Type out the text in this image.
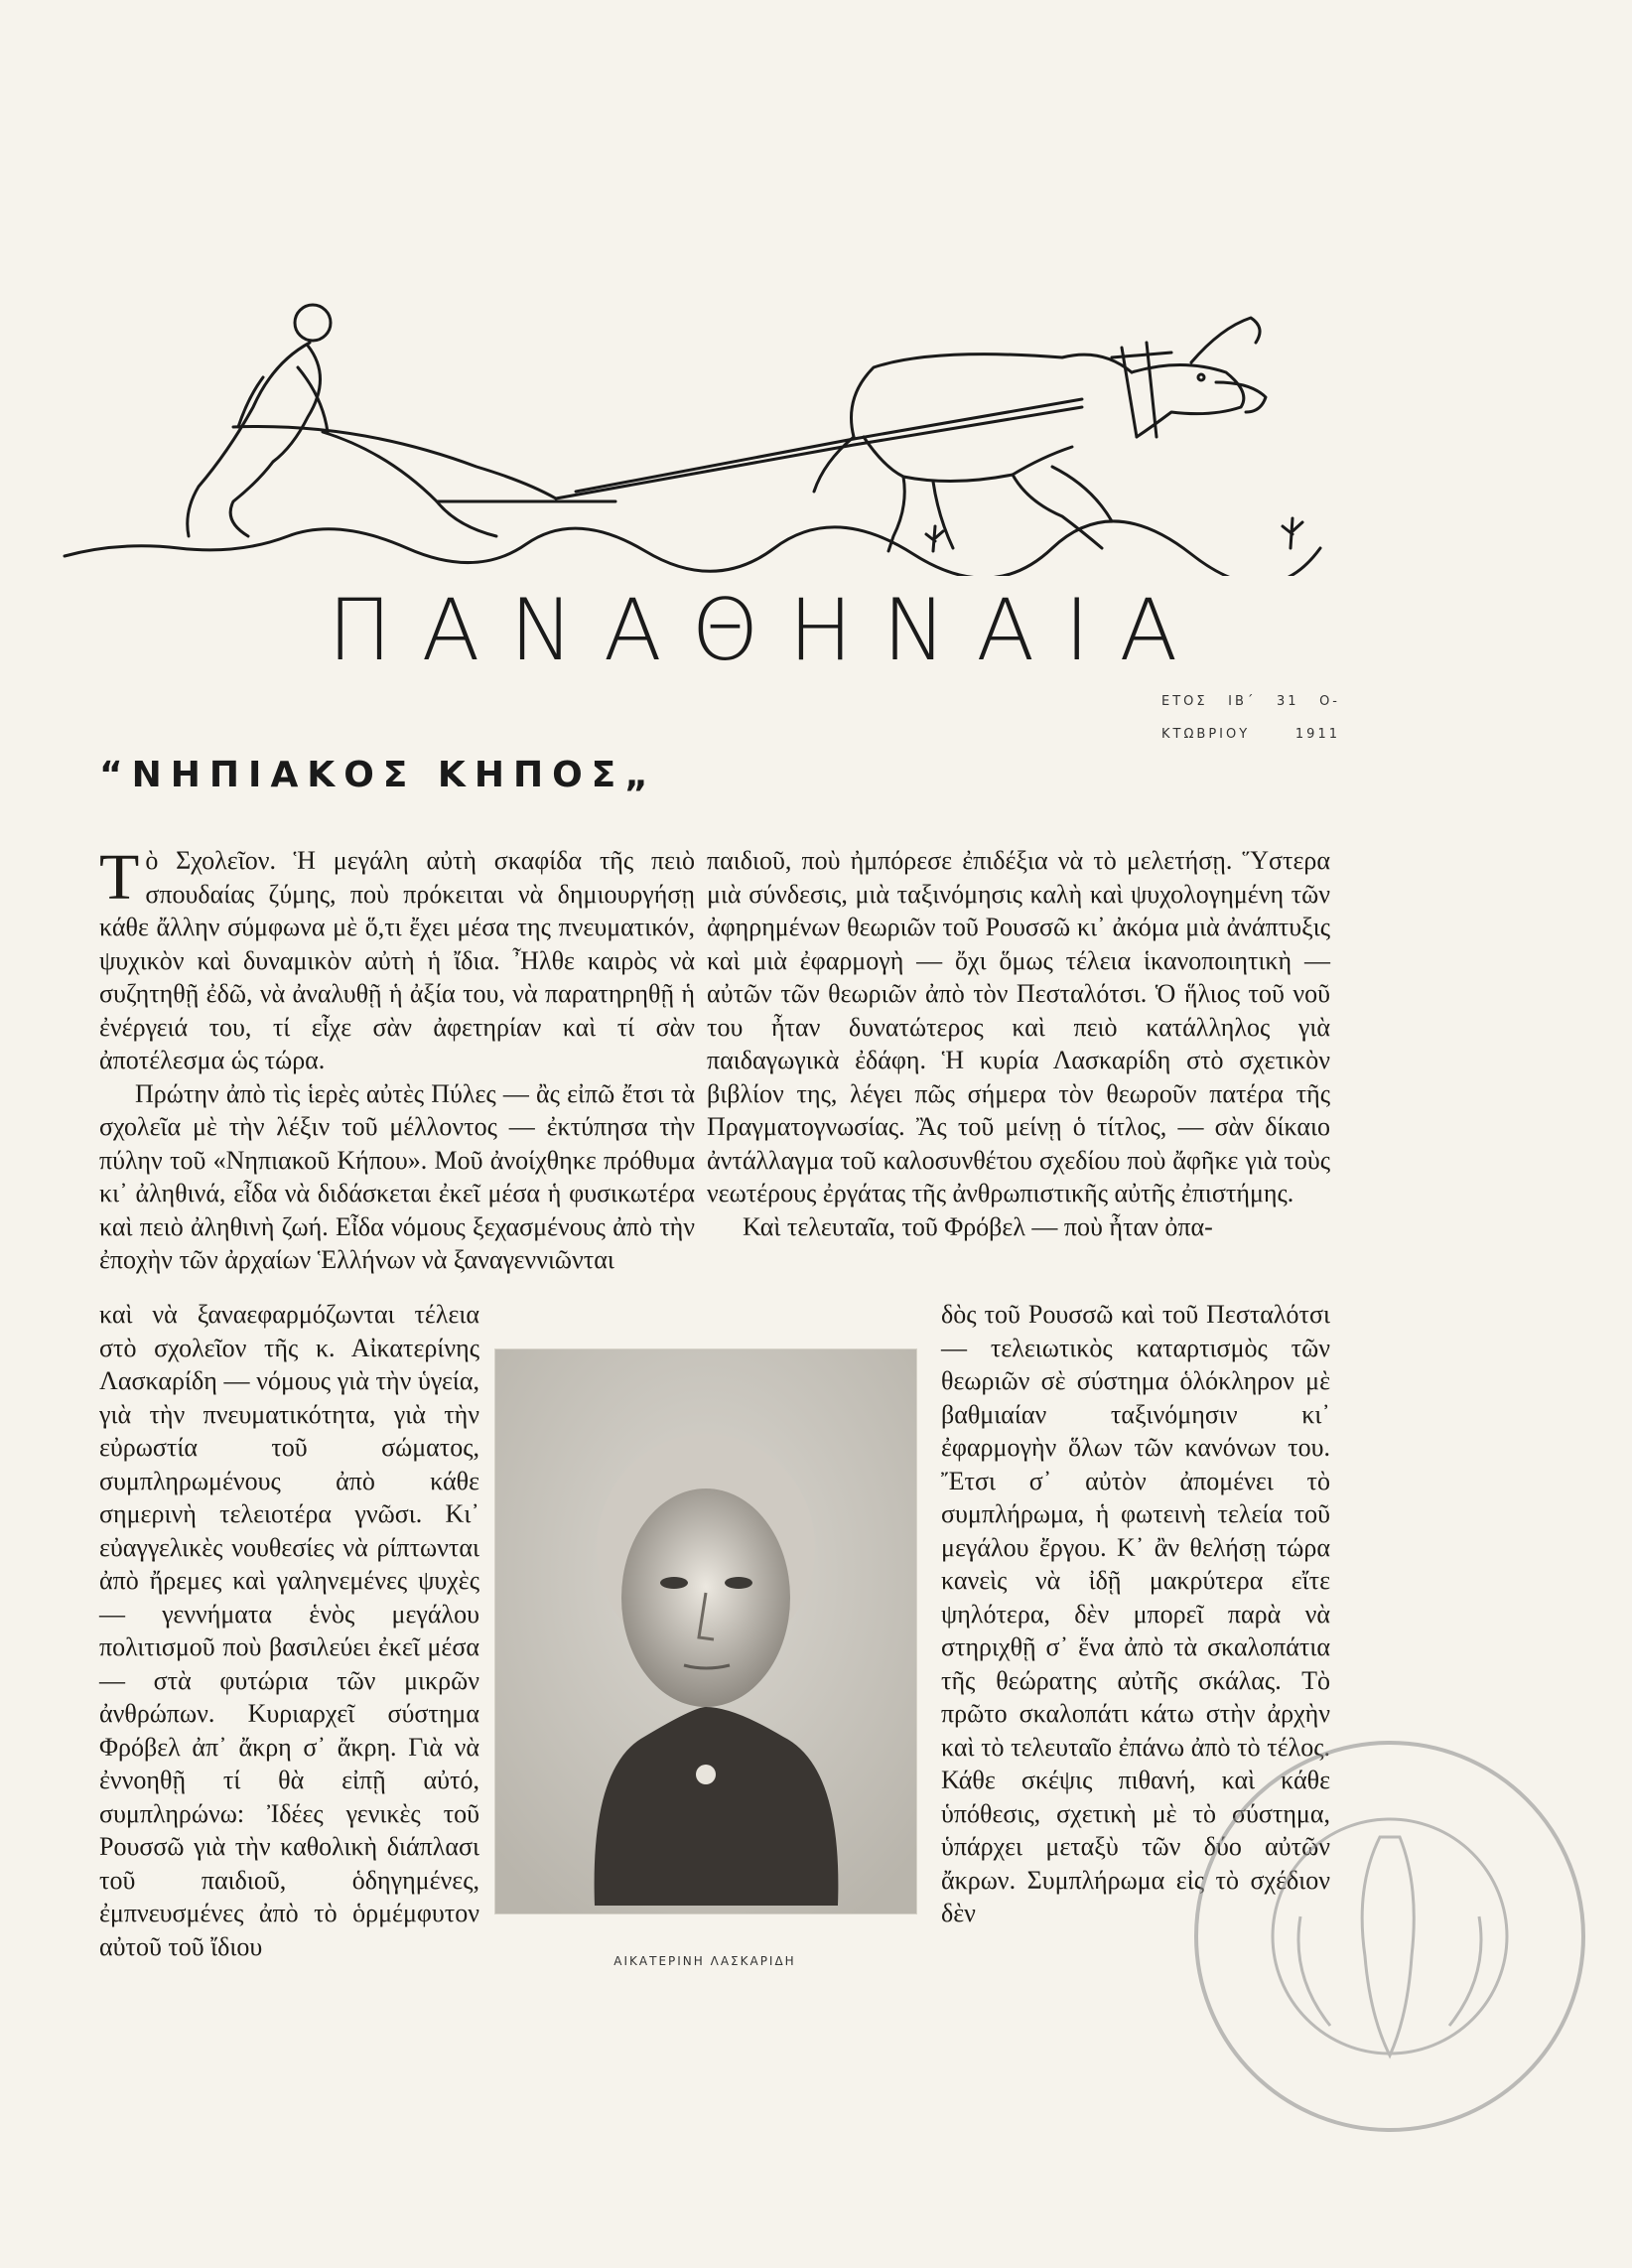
ΠΑΝΑΘΗΝΑΙΑ
ΕΤΟΣ ΙΒ΄ 31 Ο-
ΚΤΩΒΡΙΟΥ 1911
“ΝΗΠΙΑΚΟΣ ΚΗΠΟΣ„

Τὸ Σχολεῖον. Ἡ μεγάλη αὐτὴ σκαφίδα τῆς πειὸ σπουδαίας ζύμης, ποὺ πρόκειται νὰ δημιουργήσῃ κάθε ἄλλην σύμφωνα μὲ ὅ,τι ἔχει μέσα της πνευματικόν, ψυχικὸν καὶ δυναμικὸν αὐτὴ ἡ ἴδια. Ἦλθε καιρὸς νὰ συζητηθῇ ἐδῶ, νὰ ἀναλυθῇ ἡ ἀξία του, νὰ παρατηρηθῇ ἡ ἐνέργειά του, τί εἶχε σὰν ἀφετηρίαν καὶ τί σὰν ἀποτέλεσμα ὡς τώρα.

Πρώτην ἀπὸ τὶς ἱερὲς αὐτὲς Πύλες — ἂς εἰπῶ ἔτσι τὰ σχολεῖα μὲ τὴν λέξιν τοῦ μέλλοντος — ἐκτύπησα τὴν πύλην τοῦ «Νηπιακοῦ Κήπου». Μοῦ ἀνοίχθηκε πρόθυμα κι᾽ ἀληθινά, εἶδα νὰ διδάσκεται ἐκεῖ μέσα ἡ φυσικωτέρα καὶ πειὸ ἀληθινὴ ζωή. Εἶδα νόμους ξεχασμένους ἀπὸ τὴν ἐποχὴν τῶν ἀρχαίων Ἑλλήνων νὰ ξαναγεννιῶνται

καὶ νὰ ξαναεφαρμόζωνται τέλεια στὸ σχολεῖον τῆς κ. Αἰκατερίνης Λασκαρίδη — νόμους γιὰ τὴν ὑγεία, γιὰ τὴν πνευματικότητα, γιὰ τὴν εὐρωστία τοῦ σώματος, συμπληρωμένους ἀπὸ κάθε σημερινὴ τελειοτέρα γνῶσι. Κι᾽ εὐαγγελικὲς νουθεσίες νὰ ρίπτωνται ἀπὸ ἤρεμες καὶ γαληνεμένες ψυχὲς — γεννήματα ἑνὸς μεγάλου πολιτισμοῦ ποὺ βασιλεύει ἐκεῖ μέσα — στὰ φυτώρια τῶν μικρῶν ἀνθρώπων. Κυριαρχεῖ σύστημα Φρόβελ ἀπ᾽ ἄκρη σ᾽ ἄκρη. Γιὰ νὰ ἐννοηθῇ τί θὰ εἰπῇ αὐτό, συμπληρώνω: Ἰδέες γενικὲς τοῦ Ρουσσῶ γιὰ τὴν καθολικὴ διάπλασι τοῦ παιδιοῦ, ὁδηγημένες, ἐμπνευσμένες ἀπὸ τὸ ὁρμέμφυτον αὐτοῦ τοῦ ἴδιου

παιδιοῦ, ποὺ ἠμπόρεσε ἐπιδέξια νὰ τὸ μελετήσῃ. Ὕστερα μιὰ σύνδεσις, μιὰ ταξινόμησις καλὴ καὶ ψυχολογημένη τῶν ἀφηρημένων θεωριῶν τοῦ Ρουσσῶ κι᾽ ἀκόμα μιὰ ἀνάπτυξις καὶ μιὰ ἐφαρμογὴ — ὄχι ὅμως τέλεια ἱκανοποιητικὴ — αὐτῶν τῶν θεωριῶν ἀπὸ τὸν Πεσταλότσι. Ὁ ἥλιος τοῦ νοῦ του ἦταν δυνατώτερος καὶ πειὸ κατάλληλος γιὰ παιδαγωγικὰ ἐδάφη. Ἡ κυρία Λασκαρίδη στὸ σχετικὸν βιβλίον της, λέγει πῶς σήμερα τὸν θεωροῦν πατέρα τῆς Πραγματογνωσίας. Ἂς τοῦ μείνῃ ὁ τίτλος, — σὰν δίκαιο ἀντάλλαγμα τοῦ καλοσυνθέτου σχεδίου ποὺ ἄφῆκε γιὰ τοὺς νεωτέρους ἐργάτας τῆς ἀνθρωπιστικῆς αὐτῆς ἐπιστήμης.

Καὶ τελευταῖα, τοῦ Φρόβελ — ποὺ ἦταν ὀπα-

δὸς τοῦ Ρουσσῶ καὶ τοῦ Πεσταλότσι — τελειωτικὸς καταρτισμὸς τῶν θεωριῶν σὲ σύστημα ὁλόκληρον μὲ βαθμιαίαν ταξινόμησιν κι᾽ ἐφαρμογὴν ὅλων τῶν κανόνων του. Ἔτσι σ᾽ αὐτὸν ἀπομένει τὸ συμπλήρωμα, ἡ φωτεινὴ τελεία τοῦ μεγάλου ἔργου. Κ᾽ ἂν θελήσῃ τώρα κανεὶς νὰ ἰδῇ μακρύτερα εἴτε ψηλότερα, δὲν μπορεῖ παρὰ νὰ στηριχθῇ σ᾽ ἕνα ἀπὸ τὰ σκαλοπάτια τῆς θεώρατης αὐτῆς σκάλας. Τὸ πρῶτο σκαλοπάτι κάτω στὴν ἀρχὴν καὶ τὸ τελευταῖο ἐπάνω ἀπὸ τὸ τέλος. Κάθε σκέψις πιθανή, καὶ κάθε ὑπόθεσις, σχετικὴ μὲ τὸ σύστημα, ὑπάρχει μεταξὺ τῶν δύο αὐτῶν ἄκρων. Συμπλήρωμα εἰς τὸ σχέδιον δὲν

ΑΙΚΑΤΕΡΙΝΗ ΛΑΣΚΑΡΙΔΗ
